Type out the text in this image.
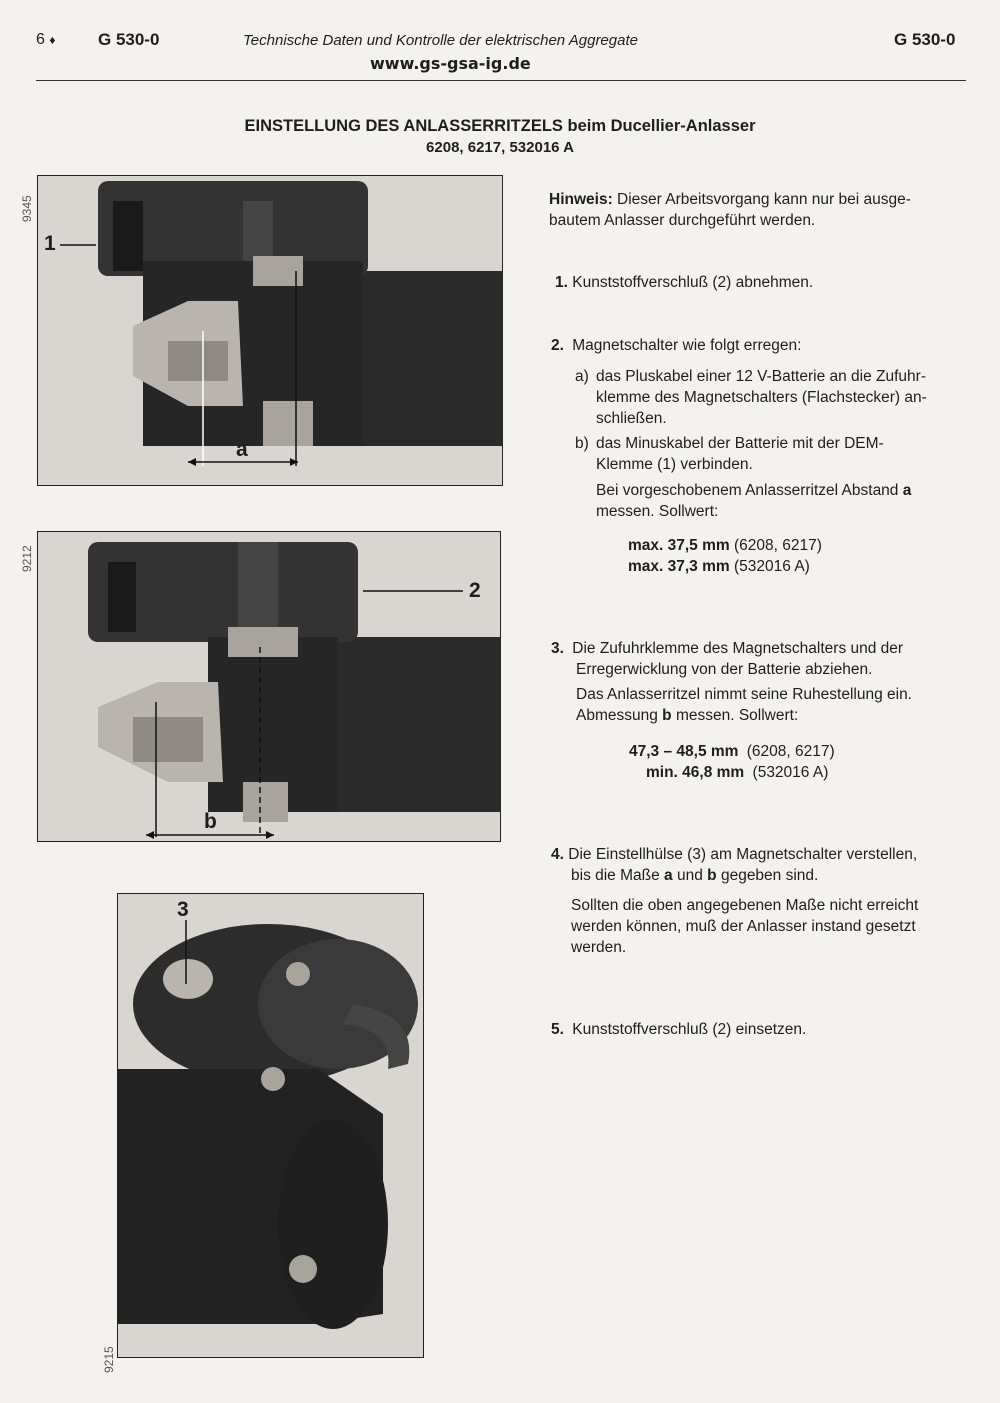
6 ♦	G 530-0	Technische Daten und Kontrolle der elektrischen Aggregate	G 530-0
www.gs-gsa-ig.de
EINSTELLUNG DES ANLASSERRITZELS beim Ducellier-Anlasser
6208, 6217, 532016 A
9345
1
a
9212
2
b
9215
3
Hinweis: Dieser Arbeitsvorgang kann nur bei ausge-
bautem Anlasser durchgeführt werden.
1. Kunststoffverschluß (2) abnehmen.
2. Magnetschalter wie folgt erregen:
a) das Pluskabel einer 12 V-Batterie an die Zufuhr-
klemme des Magnetschalters (Flachstecker) an-
schließen.
b) das Minuskabel der Batterie mit der DEM-
Klemme (1) verbinden.
Bei vorgeschobenem Anlasserritzel Abstand a
messen. Sollwert:
max. 37,5 mm (6208, 6217)
max. 37,3 mm (532016 A)
3. Die Zufuhrklemme des Magnetschalters und der
Erregerwicklung von der Batterie abziehen.
Das Anlasserritzel nimmt seine Ruhestellung ein.
Abmessung b messen. Sollwert:
47,3 – 48,5 mm (6208, 6217)
min. 46,8 mm (532016 A)
4. Die Einstellhülse (3) am Magnetschalter verstellen,
bis die Maße a und b gegeben sind.
Sollten die oben angegebenen Maße nicht erreicht
werden können, muß der Anlasser instand gesetzt
werden.
5. Kunststoffverschluß (2) einsetzen.
